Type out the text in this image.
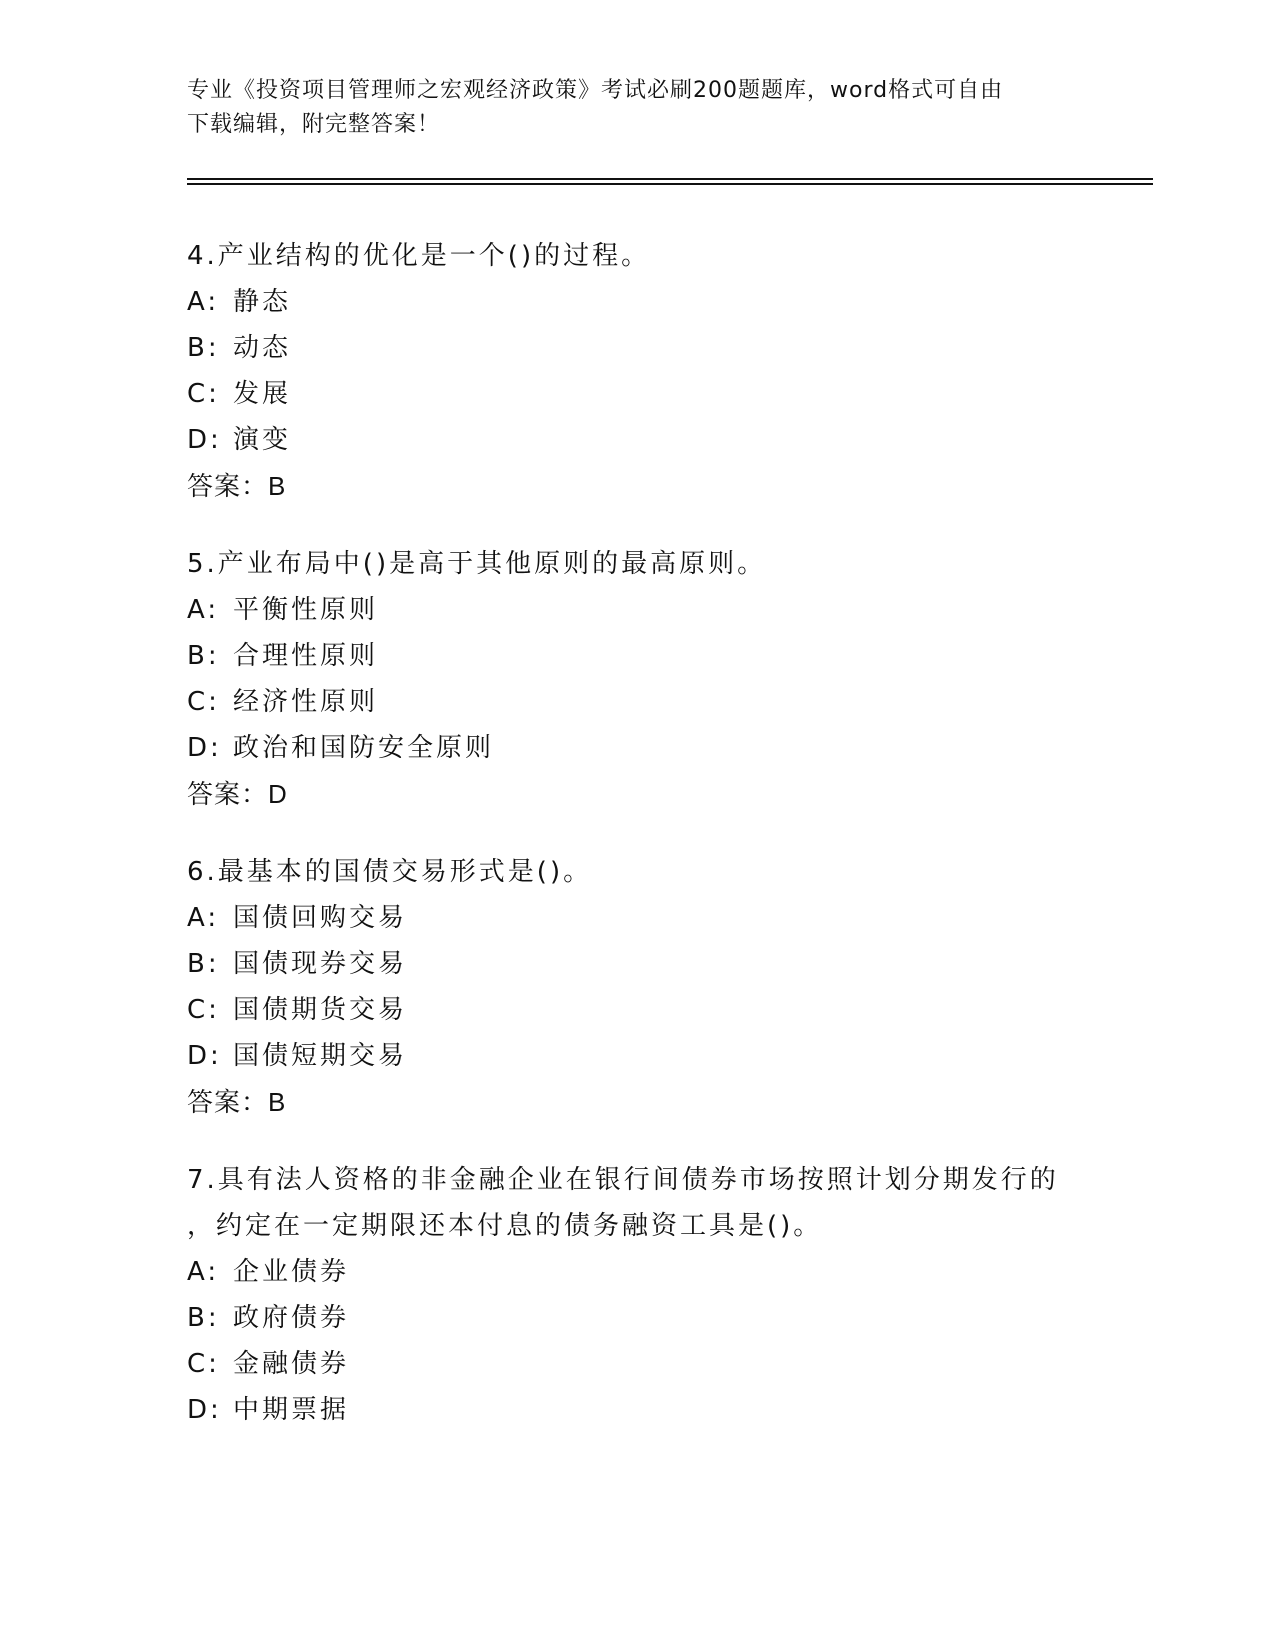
专业《投资项目管理师之宏观经济政策》考试必刷200题题库，word格式可自由
下载编辑，附完整答案！
4.产业结构的优化是一个()的过程。
A: 静态
B: 动态
C: 发展
D: 演变
答案：B
5.产业布局中()是高于其他原则的最高原则。
A: 平衡性原则
B: 合理性原则
C: 经济性原则
D: 政治和国防安全原则
答案：D
6.最基本的国债交易形式是()。
A: 国债回购交易
B: 国债现券交易
C: 国债期货交易
D: 国债短期交易
答案：B
7.具有法人资格的非金融企业在银行间债券市场按照计划分期发行的
，约定在一定期限还本付息的债务融资工具是()。
A: 企业债券
B: 政府债券
C: 金融债券
D: 中期票据
